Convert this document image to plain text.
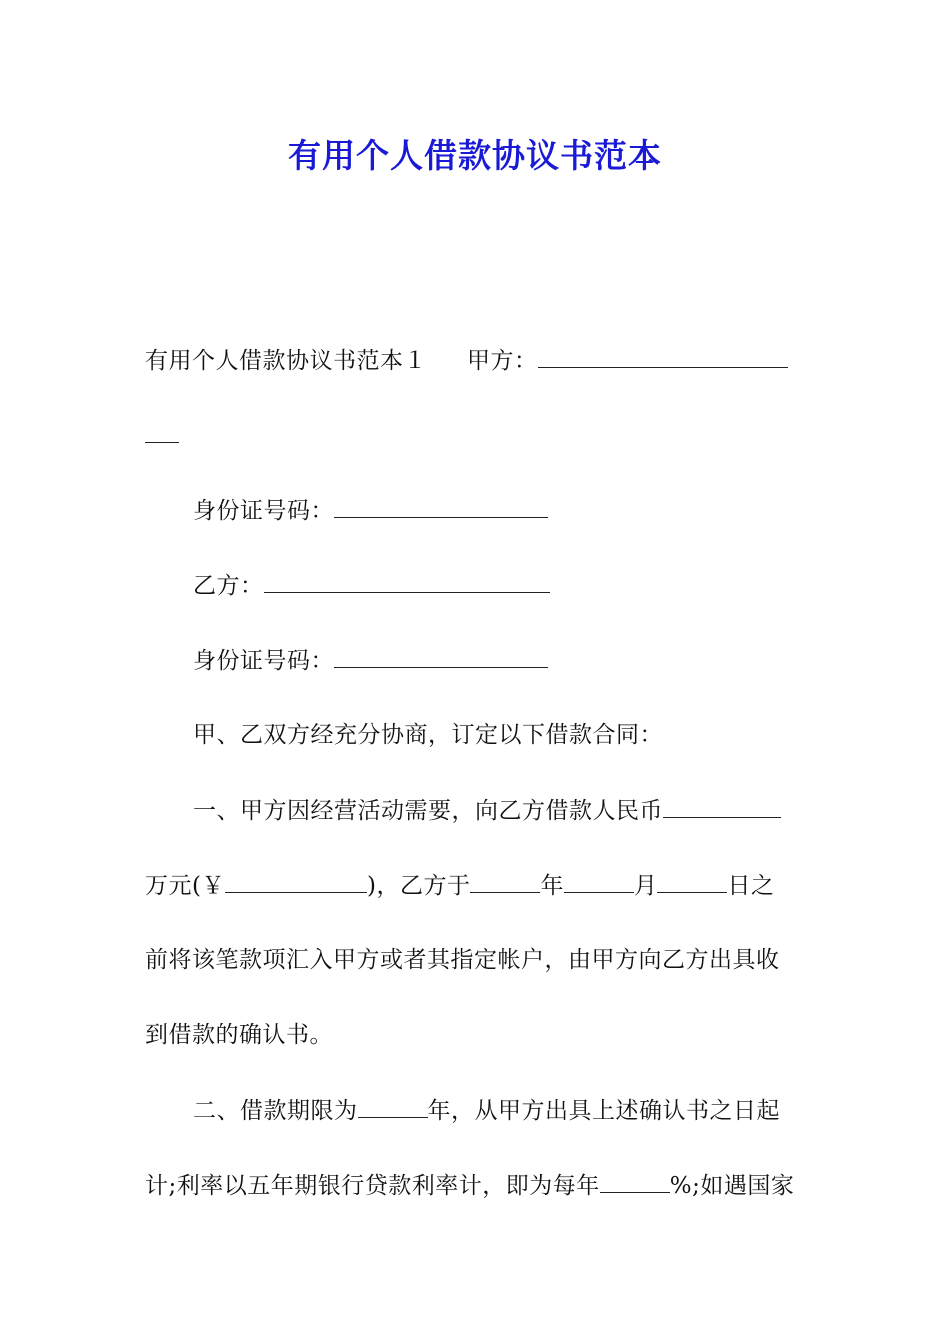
有用个人借款协议书范本
有用个人借款协议书范本１ 甲方：
身份证号码：
乙方：
身份证号码：
甲、乙双方经充分协商，订定以下借款合同：
一、甲方因经营活动需要，向乙方借款人民币
万元(￥	)，乙方于	年	月	日之
前将该笔款项汇入甲方或者其指定帐户，由甲方向乙方出具收
到借款的确认书。
二、借款期限为	年，从甲方出具上述确认书之日起
计;利率以五年期银行贷款利率计，即为每年	%;如遇国家
